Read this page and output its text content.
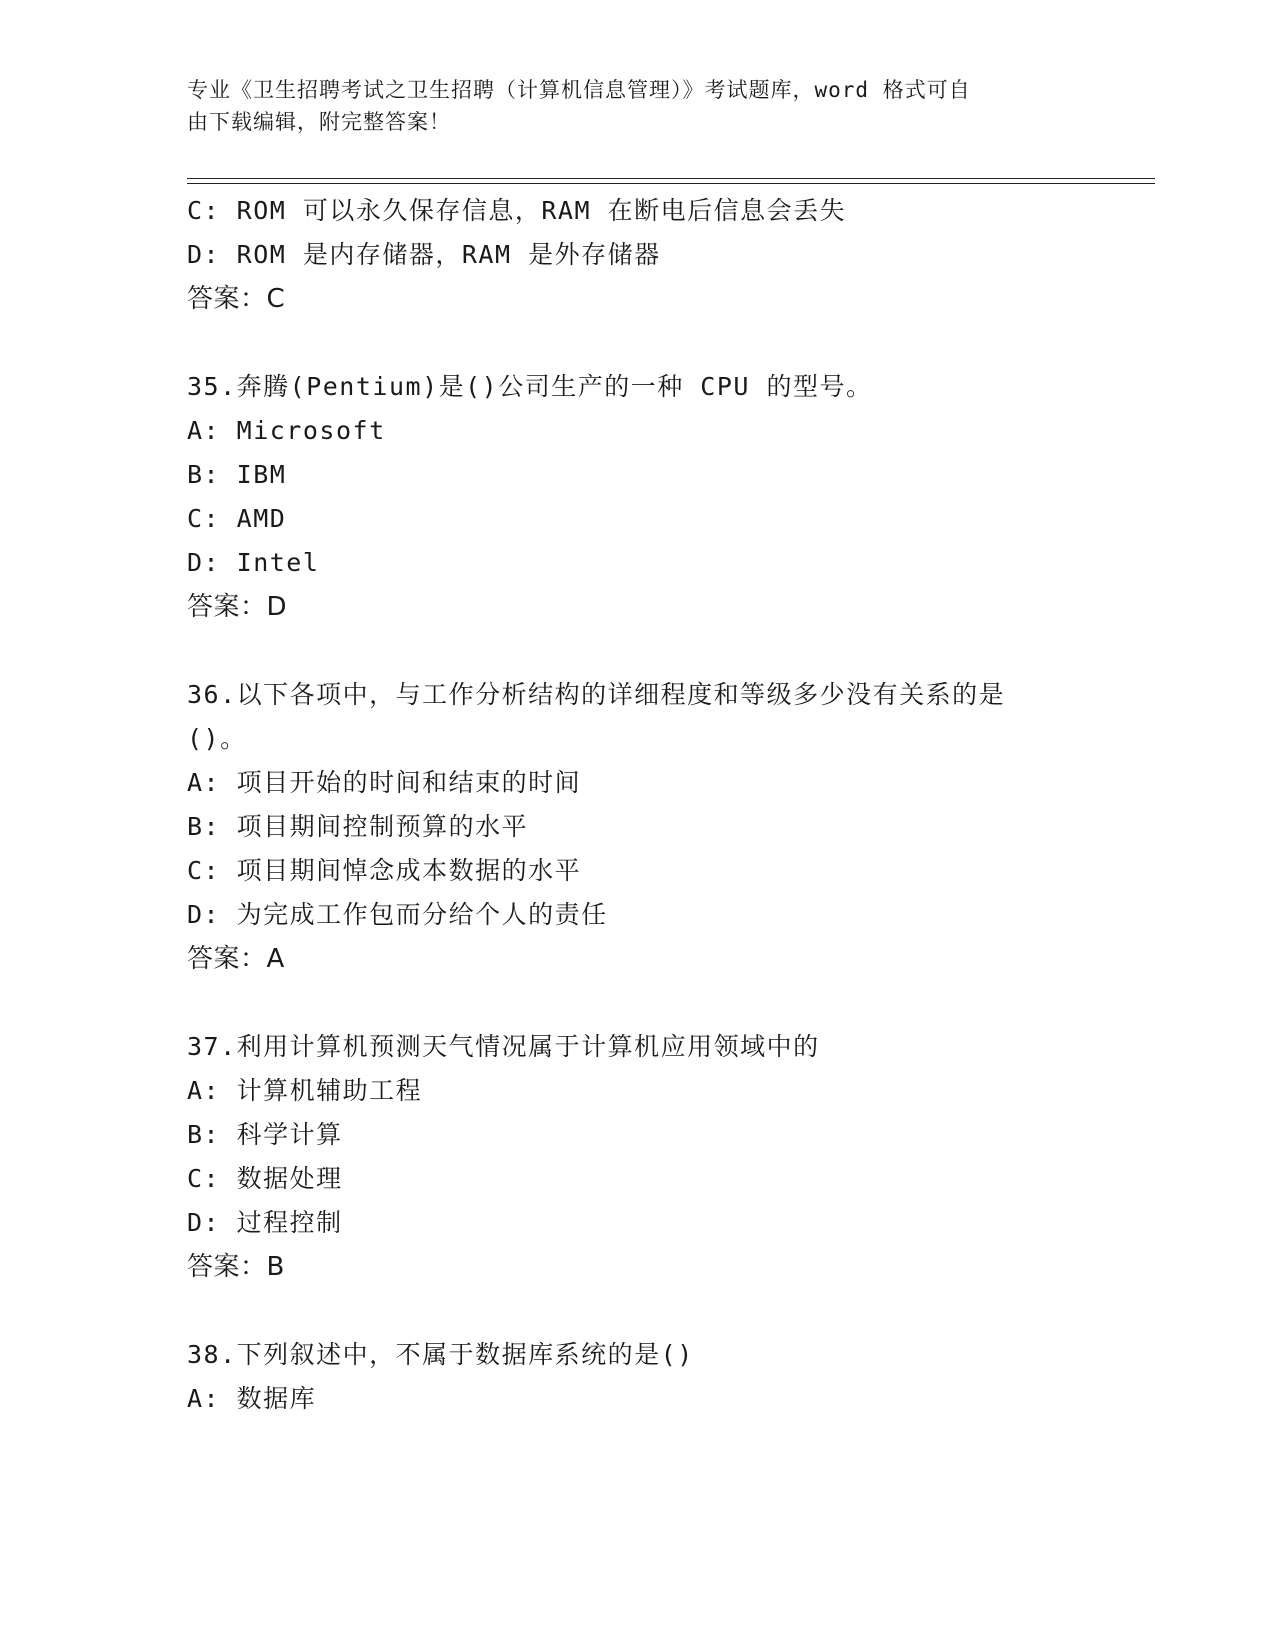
专业《卫生招聘考试之卫生招聘（计算机信息管理）》考试题库，word 格式可自
由下载编辑，附完整答案！
C: ROM 可以永久保存信息，RAM 在断电后信息会丢失
D: ROM 是内存储器，RAM 是外存储器
答案：C
35.奔腾(Pentium)是()公司生产的一种 CPU 的型号。
A: Microsoft
B: IBM
C: AMD
D: Intel
答案：D
36.以下各项中，与工作分析结构的详细程度和等级多少没有关系的是
()。
A: 项目开始的时间和结束的时间
B: 项目期间控制预算的水平
C: 项目期间悼念成本数据的水平
D: 为完成工作包而分给个人的责任
答案：A
37.利用计算机预测天气情况属于计算机应用领域中的
A: 计算机辅助工程
B: 科学计算
C: 数据处理
D: 过程控制
答案：B
38.下列叙述中，不属于数据库系统的是()
A: 数据库
